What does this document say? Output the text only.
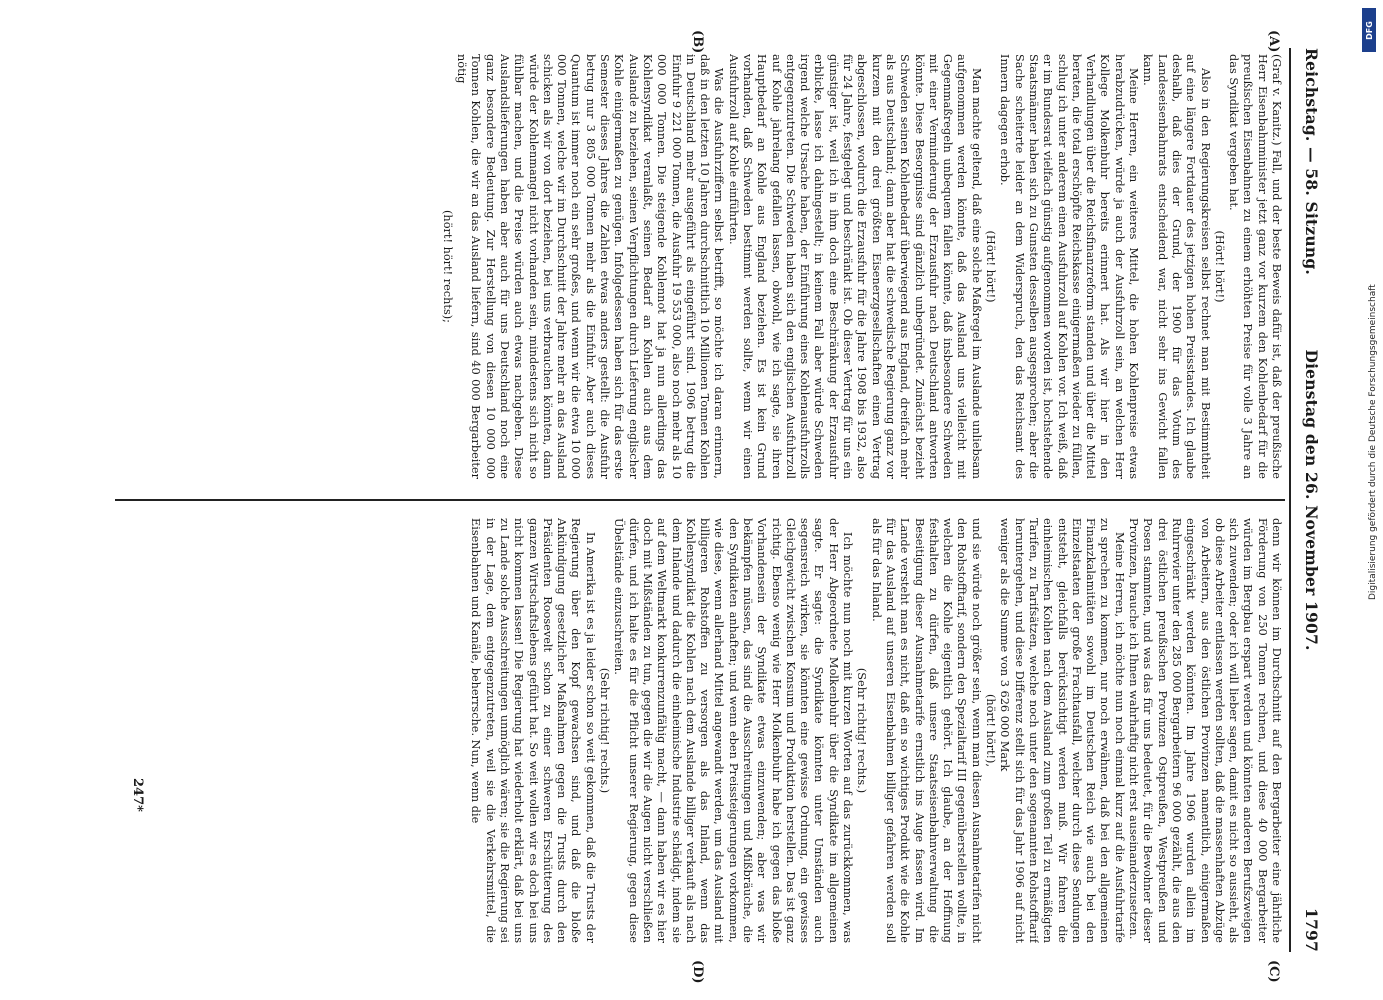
Reichstag. — 58. Sitzung.
Dienstag den 26. November 1907.
1797
(A)
(B)
(C)
(D)

(Graf v. Kanitz.) Fall, und der beste Beweis dafür ist, daß der preußische Herr Eisenbahnminister jetzt ganz vor kurzem den Kohlenbedarf für die preußischen Eisenbahnen zu einem erhöhten Preise für volle 3 Jahre an das Syndikat vergeben hat.

(Hört! hört!)

Also in den Regierungskreisen selbst rechnet man mit Bestimmtheit auf eine längere Fortdauer des jetzigen hohen Preisstandes. Ich glaube deshalb, daß dies der Grund, der 1900 für das Votum des Landeseisenbahnrats entscheidend war, nicht sehr ins Gewicht fallen kann.

Meine Herren, ein weiteres Mittel, die hohen Kohlenpreise etwas herabzudrücken, würde ja auch der Ausfuhrzoll sein, an welchen Herr Kollege Molkenbuhr bereits erinnert hat. Als wir hier in den Verhandlungen über die Reichsfinanzreform standen und über die Mittel beraten, die total erschöpfte Reichskasse einigermaßen wieder zu füllen, schlug ich unter anderem einen Ausfuhrzoll auf Kohlen vor. Ich weiß, daß er im Bundesrat vielfach günstig aufgenommen worden ist, hochstehende Staatsmänner haben sich zu Gunsten desselben ausgesprochen; aber die Sache scheiterte leider an dem Widerspruch, den das Reichsamt des Innern dagegen erhob.

(Hört! hört!)

Man machte geltend, daß eine solche Maßregel im Auslande unliebsam aufgenommen werden könnte, daß das Ausland uns vielleicht mit Gegenmaßregeln unbequem fallen könnte, daß insbesondere Schweden mit einer Verminderung der Erzausfuhr nach Deutschland antworten könnte. Diese Besorgnisse sind gänzlich unbegründet. Zunächst bezieht Schweden seinen Kohlenbedarf überwiegend aus England, dreifach mehr als aus Deutschland; dann aber hat die schwedische Regierung ganz vor kurzem mit den drei größten Eisenerzgesellschaften einen Vertrag abgeschlossen, wodurch die Erzausfuhr für die Jahre 1908 bis 1932, also für 24 Jahre, festgelegt und beschränkt ist. Ob dieser Vertrag für uns ein günstiger ist, weil ich in ihm doch eine Beschränkung der Erzausfuhr erblicke, lasse ich dahingestellt; in keinem Fall aber würde Schweden irgend welche Ursache haben, der Einführung eines Kohlenausfuhrzolls entgegenzutreten. Die Schweden haben sich den englischen Ausfuhrzoll auf Kohle jahrelang gefallen lassen, obwohl, wie ich sagte, sie ihren Hauptbedarf an Kohle aus England beziehen. Es ist kein Grund vorhanden, daß Schweden bestimmt werden sollte, wenn wir einen Ausfuhrzoll auf Kohle einführten.

Was die Ausfuhrziffern selbst betrifft, so möchte ich daran erinnern, daß in den letzten 10 Jahren durchschnittlich 10 Millionen Tonnen Kohlen in Deutschland mehr ausgeführt als eingeführt sind. 1906 betrug die Einfuhr 9 221 000 Tonnen, die Ausfuhr 19 553 000, also noch mehr als 10 000 000 Tonnen. Die steigende Kohlennot hat ja nun allerdings das Kohlensyndikat veranlaßt, seinen Bedarf an Kohlen auch aus dem Auslande zu beziehen, seinen Verpflichtungen durch Lieferung englischer Kohle einigermaßen zu genügen. Infolgedessen haben sich für das erste Semester dieses Jahres die Zahlen etwas anders gestellt: die Ausfuhr betrug nur 3 805 000 Tonnen mehr als die Einfuhr. Aber auch dieses Quantum ist immer noch ein sehr großes, und wenn wir die etwa 10 000 000 Tonnen, welche wir im Durchschnitt der Jahre mehr an das Ausland schicken als wir von dort beziehen, bei uns verbrauchen könnten, dann würde der Kohlenmangel nicht vorhanden sein, mindestens sich nicht so fühlbar machen, und die Preise würden auch etwas nachgeben. Diese Auslandslieferungen haben aber auch für uns Deutschland noch eine ganz besondere Bedeutung. Zur Herstellung von diesen 10 000 000 Tonnen Kohlen, die wir an das Ausland liefern, sind 40 000 Bergarbeiter nötig

(hört! hört! rechts);

denn wir können im Durchschnitt auf den Bergarbeiter eine jährliche Förderung von 250 Tonnen rechnen, und diese 40 000 Bergarbeiter würden im Bergbau erspart werden und könnten anderen Berufszweigen sich zuwenden; oder ich will lieber sagen, damit es nicht so aussieht, als ob diese Arbeiter entlassen werden sollten, daß die massenhaften Abzüge von Arbeitern, aus den östlichen Provinzen namentlich, einigermaßen eingeschränkt werden könnten. Im Jahre 1906 wurden allein im Ruhrrevier unter den 285 000 Bergarbeitern 96 000 gezählt, die aus den drei östlichen preußischen Provinzen Ostpreußen, Westpreußen und Posen stammten, und was das für uns bedeutet, für die Bewohner dieser Provinzen, brauche ich Ihnen wahrhaftig nicht erst auseinanderzusetzen.

Meine Herren, ich möchte nun noch einmal kurz auf die Ausfuhrtarife zu sprechen zu kommen, nur noch erwähnen, daß bei den allgemeinen Finanzkalamitäten sowohl im Deutschen Reich wie auch bei den Einzelstaaten der große Frachtausfall, welcher durch diese Sendungen entsteht, gleichfalls berücksichtigt werden muß. Wir fahren die einheimischen Kohlen nach dem Ausland zum großen Teil zu ermäßigten Tarifen, zu Tarifsätzen, welche noch unter den sogenannten Rohstofftarif heruntergehen, und diese Differenz stellt sich für das Jahr 1906 auf nicht weniger als die Summe von 3 626 000 Mark

(hört! hört!),

und sie würde noch größer sein, wenn man diesen Ausnahmetarifen nicht den Rohstofftarif, sondern den Spezialtarif III gegenüberstellen wollte, in welchen die Kohle eigentlich gehört. Ich glaube, an der Hoffnung festhalten zu dürfen, daß unsere Staatseisenbahnverwaltung die Beseitigung dieser Ausnahmetarife ernstlich ins Auge fassen wird. Im Lande versteht man es nicht, daß ein so wichtiges Produkt wie die Kohle für das Ausland auf unseren Eisenbahnen billiger gefahren werden soll als für das Inland.

(Sehr richtig! rechts.)

Ich möchte nun noch mit kurzen Worten auf das zurückkommen, was der Herr Abgeordnete Molkenbuhr über die Syndikate im allgemeinen sagte. Er sagte: die Syndikate könnten unter Umständen auch segensreich wirken, sie könnten eine gewisse Ordnung, ein gewisses Gleichgewicht zwischen Konsum und Produktion herstellen. Das ist ganz richtig. Ebenso wenig wie Herr Molkenbuhr habe ich gegen das bloße Vorhandensein der Syndikate etwas einzuwenden; aber was wir bekämpfen müssen, das sind die Ausschreitungen und Mißbräuche, die den Syndikaten anhaften; und wenn eben Preissteigerungen vorkommen, wie diese, wenn allerhand Mittel angewandt werden, um das Ausland mit billigeren Rohstoffen zu versorgen als das Inland, wenn das Kohlensyndikat die Kohlen nach dem Auslande billiger verkauft als nach dem Inlande und dadurch die einheimische Industrie schädigt, indem sie auf dem Weltmarkt konkurrenzunfähig macht, — dann haben wir es hier doch mit Mißständen zu tun, gegen die wir die Augen nicht verschließen dürfen, und ich halte es für die Pflicht unserer Regierung, gegen diese Übelstände einzuschreiten.

(Sehr richtig! rechts.)

In Amerika ist es ja leider schon so weit gekommen, daß die Trusts der Regierung über den Kopf gewachsen sind, und daß die bloße Ankündigung gesetzlicher Maßnahmen gegen die Trusts durch den Präsidenten Roosevelt schon zu einer schweren Erschütterung des ganzen Wirtschaftslebens geführt hat. So weit wollen wir es doch bei uns nicht kommen lassen! Die Regierung hat wiederholt erklärt, daß bei uns zu Lande solche Ausschreitungen unmöglich wären; sie die Regierung sei in der Lage, dem entgegenzutreten, weil sie die Verkehrsmittel, die Eisenbahnen und Kanäle, beherrsche. Nun, wenn die

247*
DFG
Digitalisierung gefördert durch die Deutsche Forschungsgemeinschaft
